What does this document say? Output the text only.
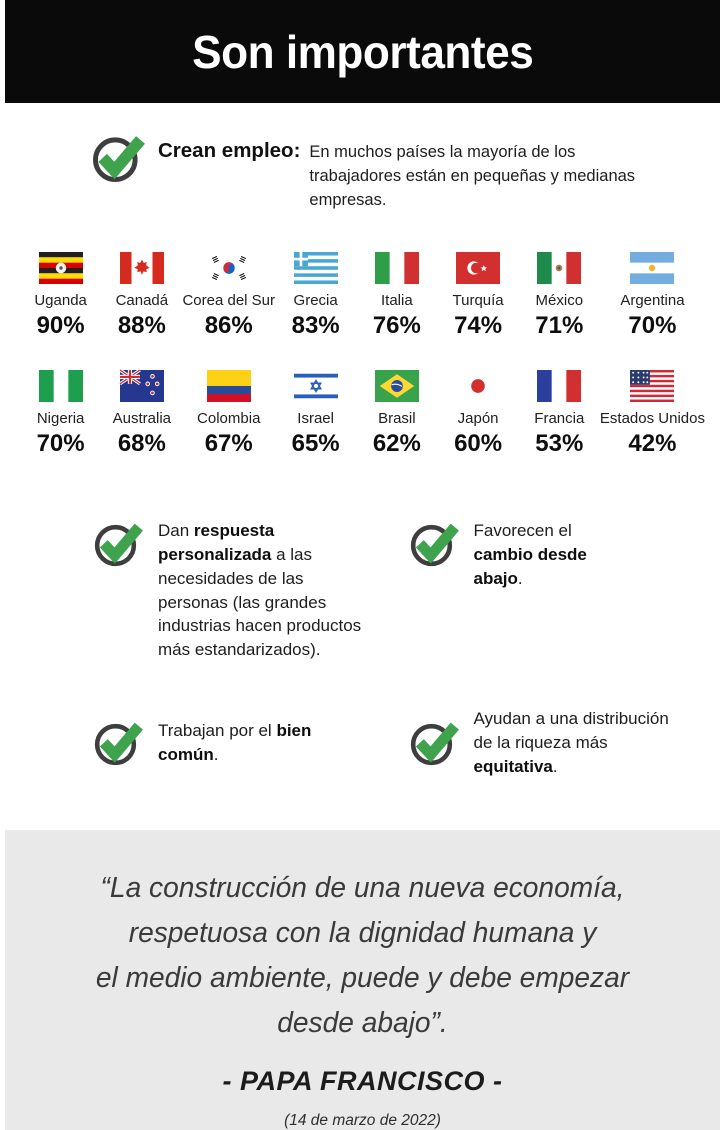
Son importantes
Crean empleo: En muchos países la mayoría de los trabajadores están en pequeñas y medianas empresas.
Uganda
90%
Canadá
88%
Corea del Sur
86%
Grecia
83%
Italia
76%
Turquía
74%
México
71%
Argentina
70%
Nigeria
70%
Australia
68%
Colombia
67%
Israel
65%
Brasil
62%
Japón
60%
Francia
53%
Estados Unidos
42%
Dan respuesta personalizada a las necesidades de las personas (las grandes industrias hacen productos más estandarizados).
Favorecen el cambio desde abajo.
Trabajan por el bien común.
Ayudan a una distribución de la riqueza más equitativa.
“La construcción de una nueva economía,
respetuosa con la dignidad humana y
el medio ambiente, puede y debe empezar
desde abajo”.
- PAPA FRANCISCO -
(14 de marzo de 2022)
